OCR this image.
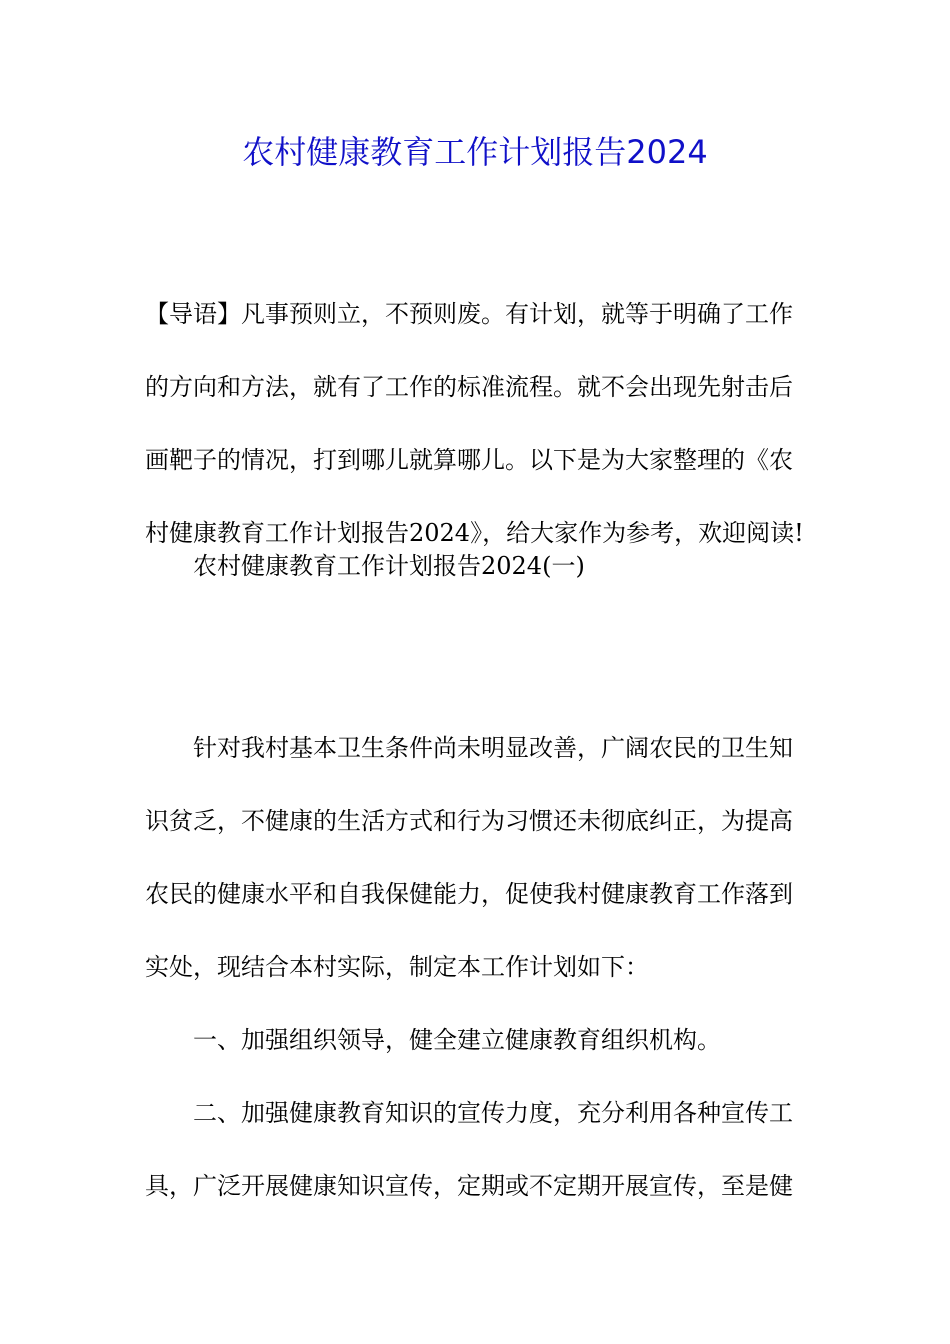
农村健康教育工作计划报告2024
【导语】凡事预则立，不预则废。有计划，就等于明确了工作
的方向和方法，就有了工作的标准流程。就不会出现先射击后
画靶子的情况，打到哪儿就算哪儿。以下是为大家整理的《农
村健康教育工作计划报告2024》，给大家作为参考，欢迎阅读!
农村健康教育工作计划报告2024(一)
针对我村基本卫生条件尚未明显改善，广阔农民的卫生知
识贫乏，不健康的生活方式和行为习惯还未彻底纠正，为提高
农民的健康水平和自我保健能力，促使我村健康教育工作落到
实处，现结合本村实际，制定本工作计划如下：
一、加强组织领导，健全建立健康教育组织机构。
二、加强健康教育知识的宣传力度，充分利用各种宣传工
具，广泛开展健康知识宣传，定期或不定期开展宣传，至是健
